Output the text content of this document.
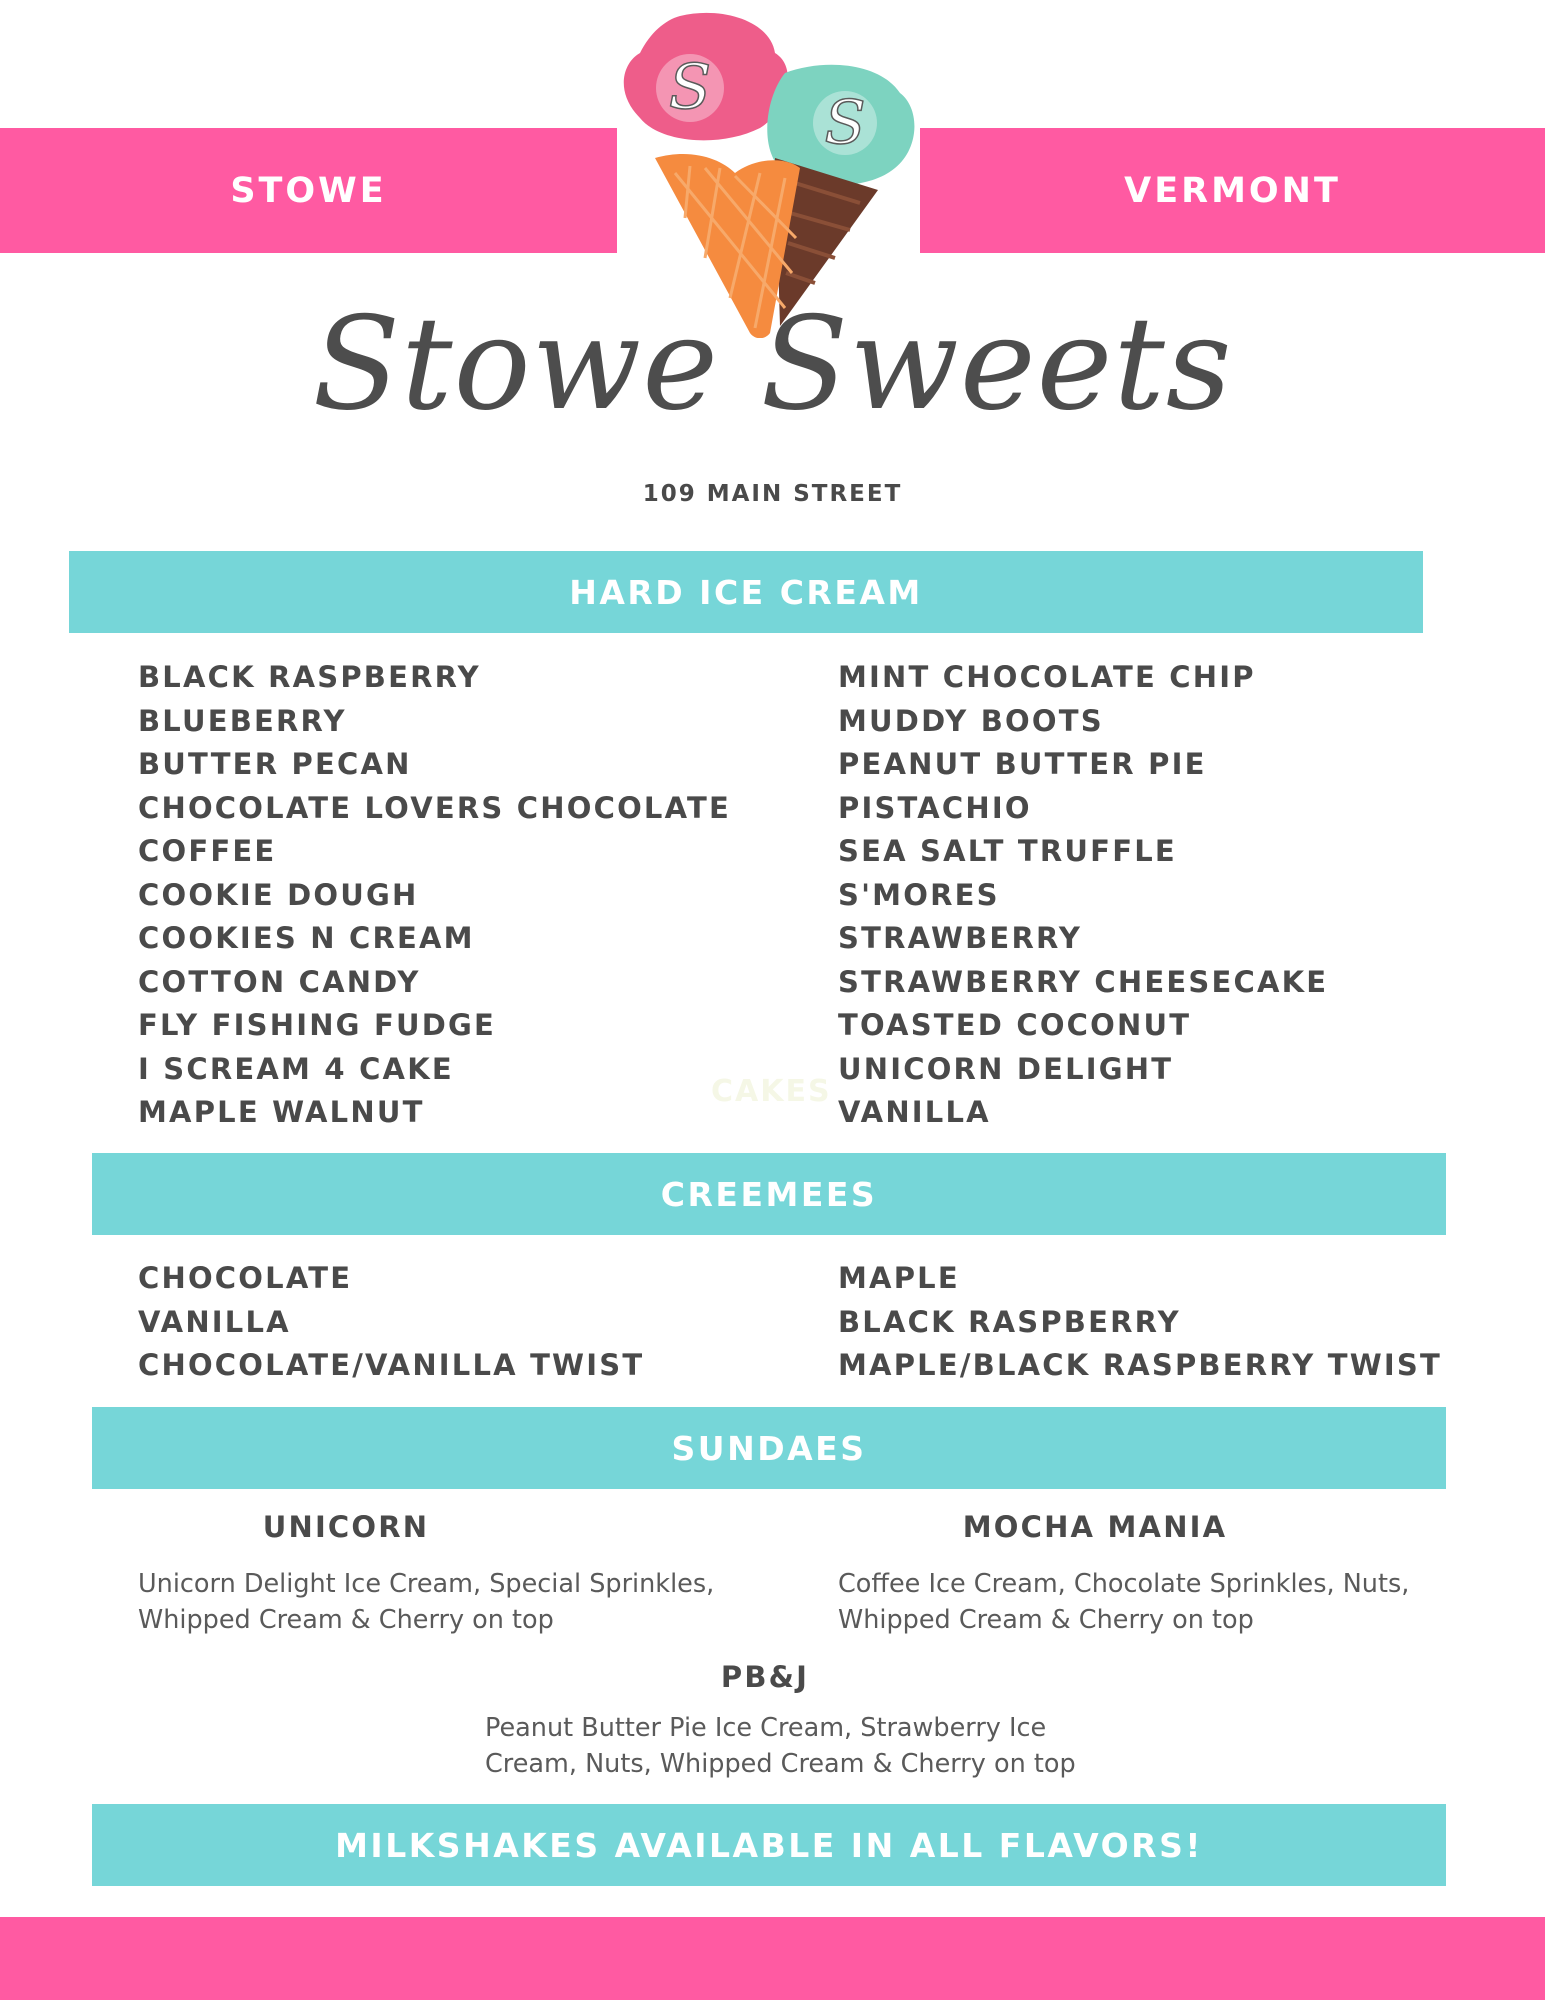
STOWE	VERMONT
S S
Stowe Sweets
109 MAIN STREET
HARD ICE CREAM
CAKES
BLACK RASPBERRY
BLUEBERRY
BUTTER PECAN
CHOCOLATE LOVERS CHOCOLATE
COFFEE
COOKIE DOUGH
COOKIES N CREAM
COTTON CANDY
FLY FISHING FUDGE
I SCREAM 4 CAKE
MAPLE WALNUT
MINT CHOCOLATE CHIP
MUDDY BOOTS
PEANUT BUTTER PIE
PISTACHIO
SEA SALT TRUFFLE
S'MORES
STRAWBERRY
STRAWBERRY CHEESECAKE
TOASTED COCONUT
UNICORN DELIGHT
VANILLA
CREEMEES
CHOCOLATE
VANILLA
CHOCOLATE/VANILLA TWIST
MAPLE
BLACK RASPBERRY
MAPLE/BLACK RASPBERRY TWIST
SUNDAES
UNICORN
Unicorn Delight Ice Cream, Special Sprinkles,
Whipped Cream & Cherry on top
MOCHA MANIA
Coffee Ice Cream, Chocolate Sprinkles, Nuts,
Whipped Cream & Cherry on top
PB&J
Peanut Butter Pie Ice Cream, Strawberry Ice
Cream, Nuts, Whipped Cream & Cherry on top
MILKSHAKES AVAILABLE IN ALL FLAVORS!
